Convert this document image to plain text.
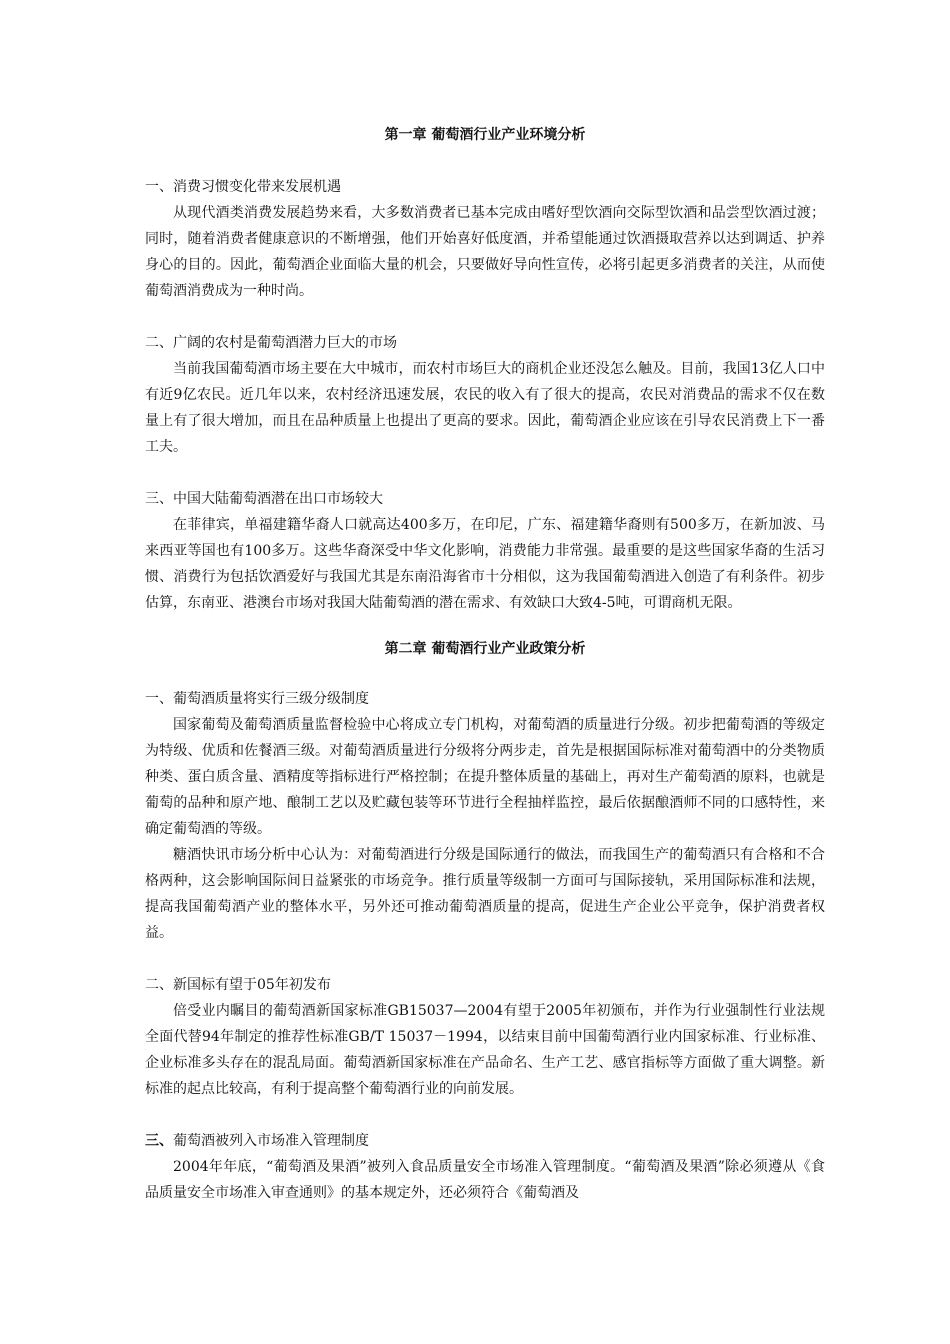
第一章 葡萄酒行业产业环境分析

一、消费习惯变化带来发展机遇

从现代酒类消费发展趋势来看，大多数消费者已基本完成由嗜好型饮酒向交际型饮酒和品尝型饮酒过渡；同时，随着消费者健康意识的不断增强，他们开始喜好低度酒，并希望能通过饮酒摄取营养以达到调适、护养身心的目的。因此，葡萄酒企业面临大量的机会，只要做好导向性宣传，必将引起更多消费者的关注，从而使葡萄酒消费成为一种时尚。

二、广阔的农村是葡萄酒潜力巨大的市场

当前我国葡萄酒市场主要在大中城市，而农村市场巨大的商机企业还没怎么触及。目前，我国13亿人口中有近9亿农民。近几年以来，农村经济迅速发展，农民的收入有了很大的提高，农民对消费品的需求不仅在数量上有了很大增加，而且在品种质量上也提出了更高的要求。因此，葡萄酒企业应该在引导农民消费上下一番工夫。

三、中国大陆葡萄酒潜在出口市场较大

在菲律宾，单福建籍华裔人口就高达400多万，在印尼，广东、福建籍华裔则有500多万，在新加波、马来西亚等国也有100多万。这些华裔深受中华文化影响，消费能力非常强。最重要的是这些国家华裔的生活习惯、消费行为包括饮酒爱好与我国尤其是东南沿海省市十分相似，这为我国葡萄酒进入创造了有利条件。初步估算，东南亚、港澳台市场对我国大陆葡萄酒的潜在需求、有效缺口大致4-5吨，可谓商机无限。

第二章 葡萄酒行业产业政策分析

一、葡萄酒质量将实行三级分级制度

国家葡萄及葡萄酒质量监督检验中心将成立专门机构，对葡萄酒的质量进行分级。初步把葡萄酒的等级定为特级、优质和佐餐酒三级。对葡萄酒质量进行分级将分两步走，首先是根据国际标准对葡萄酒中的分类物质种类、蛋白质含量、酒精度等指标进行严格控制；在提升整体质量的基础上，再对生产葡萄酒的原料，也就是葡萄的品种和原产地、酿制工艺以及贮藏包装等环节进行全程抽样监控，最后依据酿酒师不同的口感特性，来确定葡萄酒的等级。

糖酒快讯市场分析中心认为：对葡萄酒进行分级是国际通行的做法，而我国生产的葡萄酒只有合格和不合格两种，这会影响国际间日益紧张的市场竞争。推行质量等级制一方面可与国际接轨，采用国际标准和法规，提高我国葡萄酒产业的整体水平，另外还可推动葡萄酒质量的提高，促进生产企业公平竞争，保护消费者权益。

二、新国标有望于05年初发布

倍受业内瞩目的葡萄酒新国家标准GB15037—2004有望于2005年初颁布，并作为行业强制性行业法规全面代替94年制定的推荐性标准GB/T 15037－1994，以结束目前中国葡萄酒行业内国家标准、行业标准、企业标准多头存在的混乱局面。葡萄酒新国家标准在产品命名、生产工艺、感官指标等方面做了重大调整。新标准的起点比较高，有利于提高整个葡萄酒行业的向前发展。

三、葡萄酒被列入市场准入管理制度

2004年年底，“葡萄酒及果酒”被列入食品质量安全市场准入管理制度。“葡萄酒及果酒”除必须遵从《食品质量安全市场准入审查通则》的基本规定外，还必须符合《葡萄酒及
